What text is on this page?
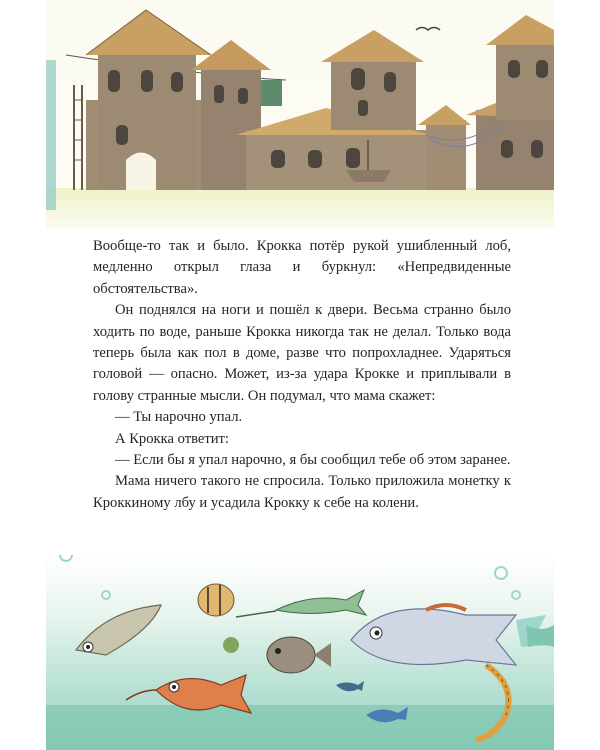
Вообще-то так и было. Крокка потёр рукой ушибленный лоб, медленно открыл глаза и буркнул: «Непредвиденные обстоятельства».

Он поднялся на ноги и пошёл к двери. Весьма странно было ходить по воде, раньше Крокка никогда так не делал. Только вода теперь была как пол в доме, разве что попрохладнее. Ударяться головой — опасно. Может, из-за удара Крокке и приплывали в голову странные мысли. Он подумал, что мама скажет:

— Ты нарочно упал.

А Крокка ответит:

— Если бы я упал нарочно, я бы сообщил тебе об этом заранее.

Мама ничего такого не спросила. Только приложила монетку к Кроккиному лбу и усадила Крокку к себе на колени.
